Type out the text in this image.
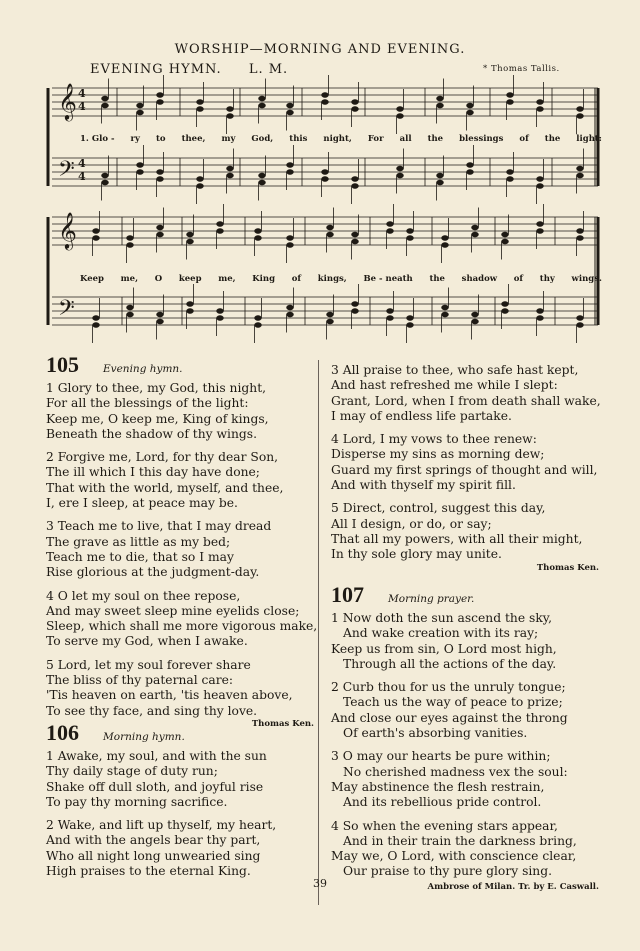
WORSHIP—MORNING AND EVENING.
EVENING HYMN. L. M.	* Thomas Tallis.
𝄞
𝄢
𝄞
𝄢
4
4
4
4
1. Glo - ry to thee, my God, this night, For all the blessings of the light:
Keep me, O keep me, King of kings, Be - neath the shadow of thy wings.
105 Evening hymn.
1 Glory to thee, my God, this night,
For all the blessings of the light:
Keep me, O keep me, King of kings,
Beneath the shadow of thy wings.
2 Forgive me, Lord, for thy dear Son,
The ill which I this day have done;
That with the world, myself, and thee,
I, ere I sleep, at peace may be.
3 Teach me to live, that I may dread
The grave as little as my bed;
Teach me to die, that so I may
Rise glorious at the judgment-day.
4 O let my soul on thee repose,
And may sweet sleep mine eyelids close;
Sleep, which shall me more vigorous make,
To serve my God, when I awake.
5 Lord, let my soul forever share
The bliss of thy paternal care:
'Tis heaven on earth, 'tis heaven above,
To see thy face, and sing thy love.
Thomas Ken.
106 Morning hymn.
1 Awake, my soul, and with the sun
Thy daily stage of duty run;
Shake off dull sloth, and joyful rise
To pay thy morning sacrifice.
2 Wake, and lift up thyself, my heart,
And with the angels bear thy part,
Who all night long unwearied sing
High praises to the eternal King.
3 All praise to thee, who safe hast kept,
And hast refreshed me while I slept:
Grant, Lord, when I from death shall wake,
I may of endless life partake.
4 Lord, I my vows to thee renew:
Disperse my sins as morning dew;
Guard my first springs of thought and will,
And with thyself my spirit fill.
5 Direct, control, suggest this day,
All I design, or do, or say;
That all my powers, with all their might,
In thy sole glory may unite.
Thomas Ken.
107 Morning prayer.
1 Now doth the sun ascend the sky,
And wake creation with its ray;
Keep us from sin, O Lord most high,
Through all the actions of the day.
2 Curb thou for us the unruly tongue;
Teach us the way of peace to prize;
And close our eyes against the throng
Of earth's absorbing vanities.
3 O may our hearts be pure within;
No cherished madness vex the soul:
May abstinence the flesh restrain,
And its rebellious pride control.
4 So when the evening stars appear,
And in their train the darkness bring,
May we, O Lord, with conscience clear,
Our praise to thy pure glory sing.
Ambrose of Milan. Tr. by E. Caswall.
39
